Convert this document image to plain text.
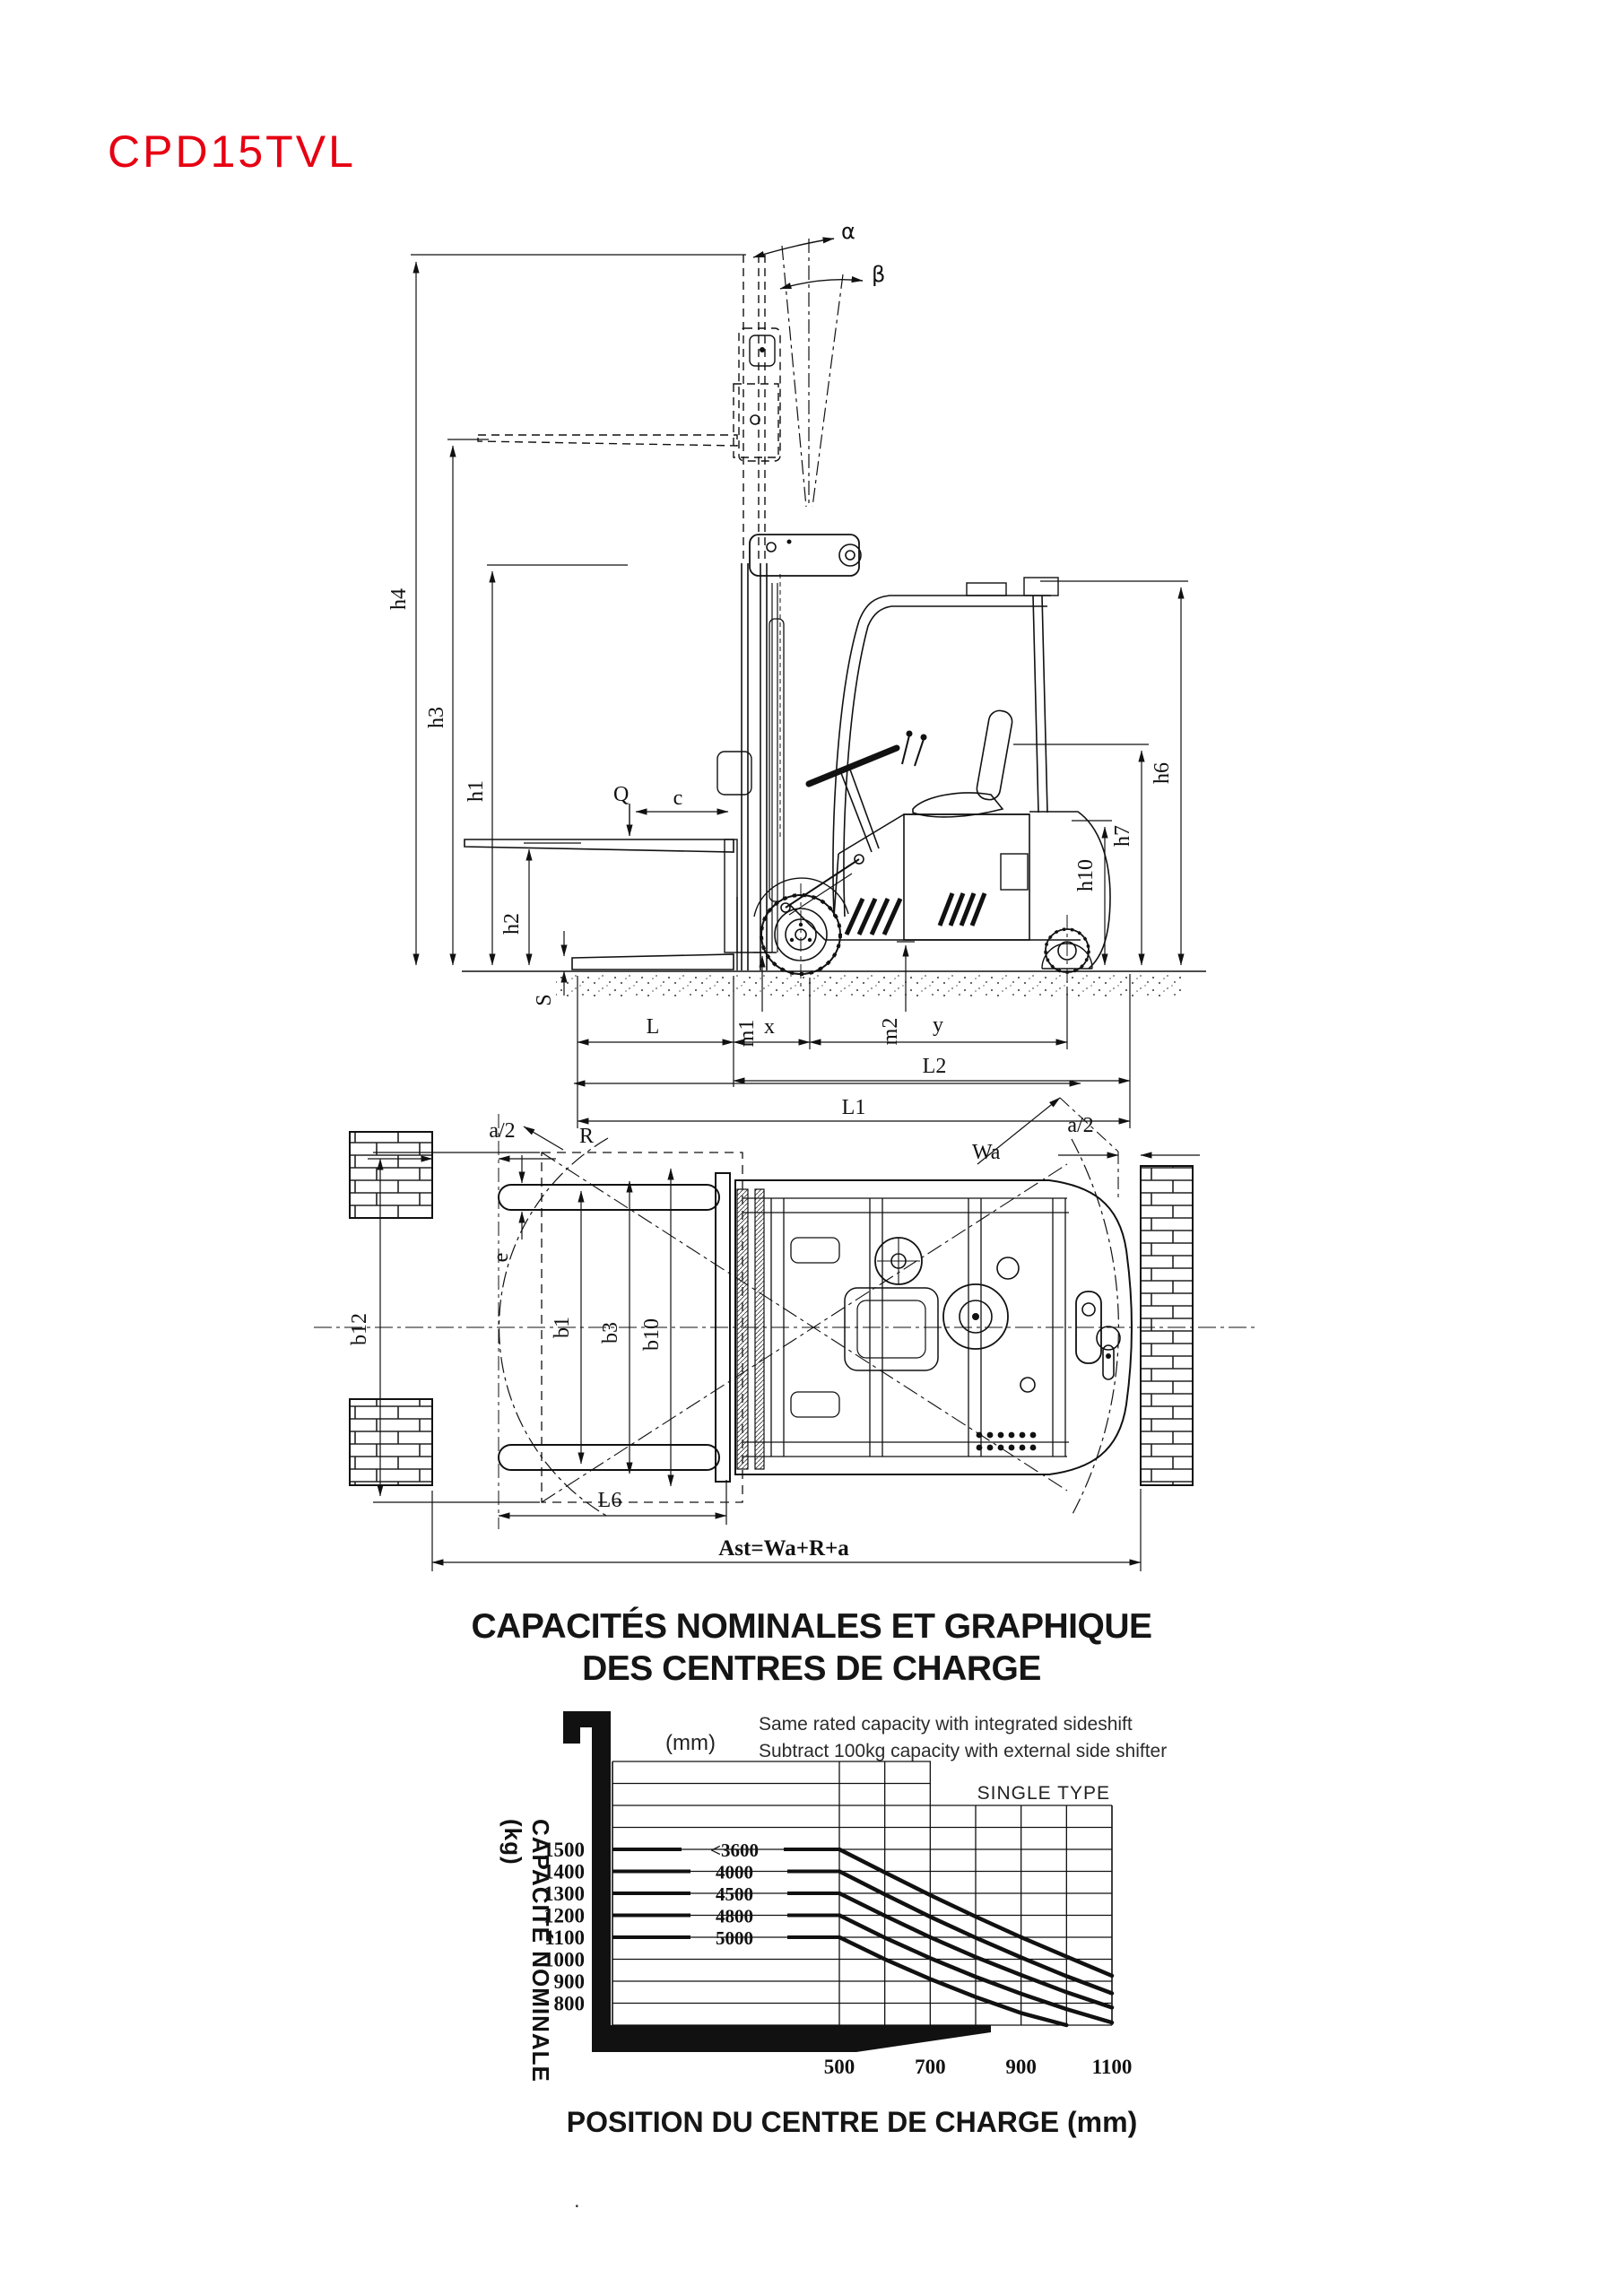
CPD15TVL
α
β
h4
h3
h1
h2
S
Q c
h6
h7
h10
m1	m2
L	x	y
L2
L1
a/2	R
e
b12	b1 b3 b10
Wa
a/2
L6
Ast=Wa+R+a
<3600
4000
4500
4800
5000
1500
1400
1300
1200
1100
1000
900
800
500	700	900	1100
SINGLE TYPE
CAPACITÉS NOMINALES ET GRAPHIQUE
DES CENTRES DE CHARGE
Same rated capacity with integrated sideshift
Subtract 100kg capacity with external side shifter
(mm)
CAPACITÉ NOMINALE (kg)
POSITION DU CENTRE DE CHARGE (mm)
.
